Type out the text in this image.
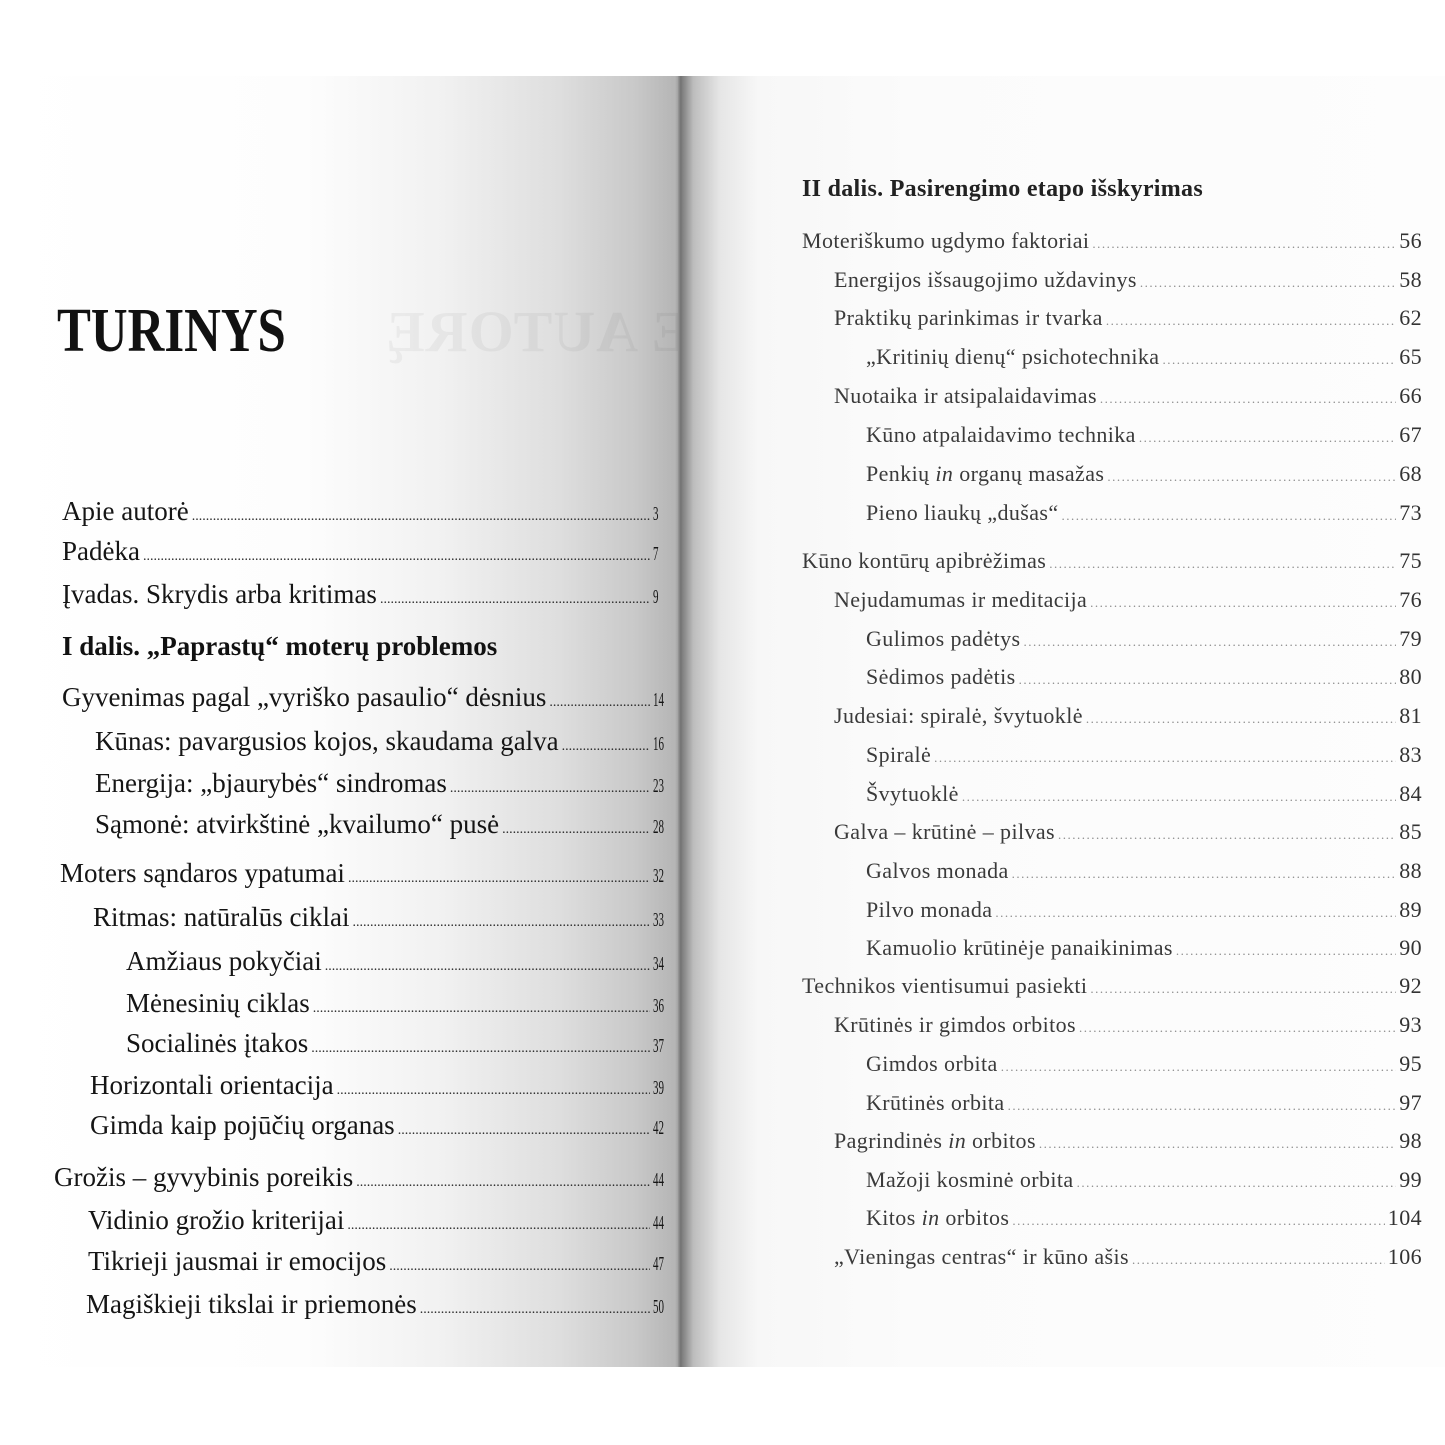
TURINYS
Apie autorė .....	3
Padėka .....	7
Įvadas. Skrydis arba kritimas .....	9
I dalis. „Paprastų“ moterų problemos
Gyvenimas pagal „vyriško pasaulio“ dėsnius .....	14
Kūnas: pavargusios kojos, skaudama galva .....	16
Energija: „bjaurybės“ sindromas .....	23
Sąmonė: atvirkštinė „kvailumo“ pusė .....	28
Moters sąndaros ypatumai .....	32
Ritmas: natūralūs ciklai .....	33
Amžiaus pokyčiai .....	34
Mėnesinių ciklas .....	36
Socialinės įtakos .....	37
Horizontali orientacija .....	39
Gimda kaip pojūčių organas .....	42
Grožis – gyvybinis poreikis .....	44
Vidinio grožio kriterijai .....	44
Tikrieji jausmai ir emocijos .....	47
Magiškieji tikslai ir priemonės .....	50
II dalis. Pasirengimo etapo išskyrimas
Moteriškumo ugdymo faktoriai .....	56
Energijos išsaugojimo uždavinys .....	58
Praktikų parinkimas ir tvarka .....	62
„Kritinių dienų“ psichotechnika .....	65
Nuotaika ir atsipalaidavimas .....	66
Kūno atpalaidavimo technika .....	67
Penkių in organų masažas .....	68
Pieno liaukų „dušas“ .....	73
Kūno kontūrų apibrėžimas .....	75
Nejudamumas ir meditacija .....	76
Gulimos padėtys .....	79
Sėdimos padėtis .....	80
Judesiai: spiralė, švytuoklė .....	81
Spiralė .....	83
Švytuoklė .....	84
Galva – krūtinė – pilvas .....	85
Galvos monada .....	88
Pilvo monada .....	89
Kamuolio krūtinėje panaikinimas .....	90
Technikos vientisumui pasiekti .....	92
Krūtinės ir gimdos orbitos .....	93
Gimdos orbita .....	95
Krūtinės orbita .....	97
Pagrindinės in orbitos .....	98
Mažoji kosminė orbita .....	99
Kitos in orbitos .....	104
„Vieningas centras“ ir kūno ašis .....	106
